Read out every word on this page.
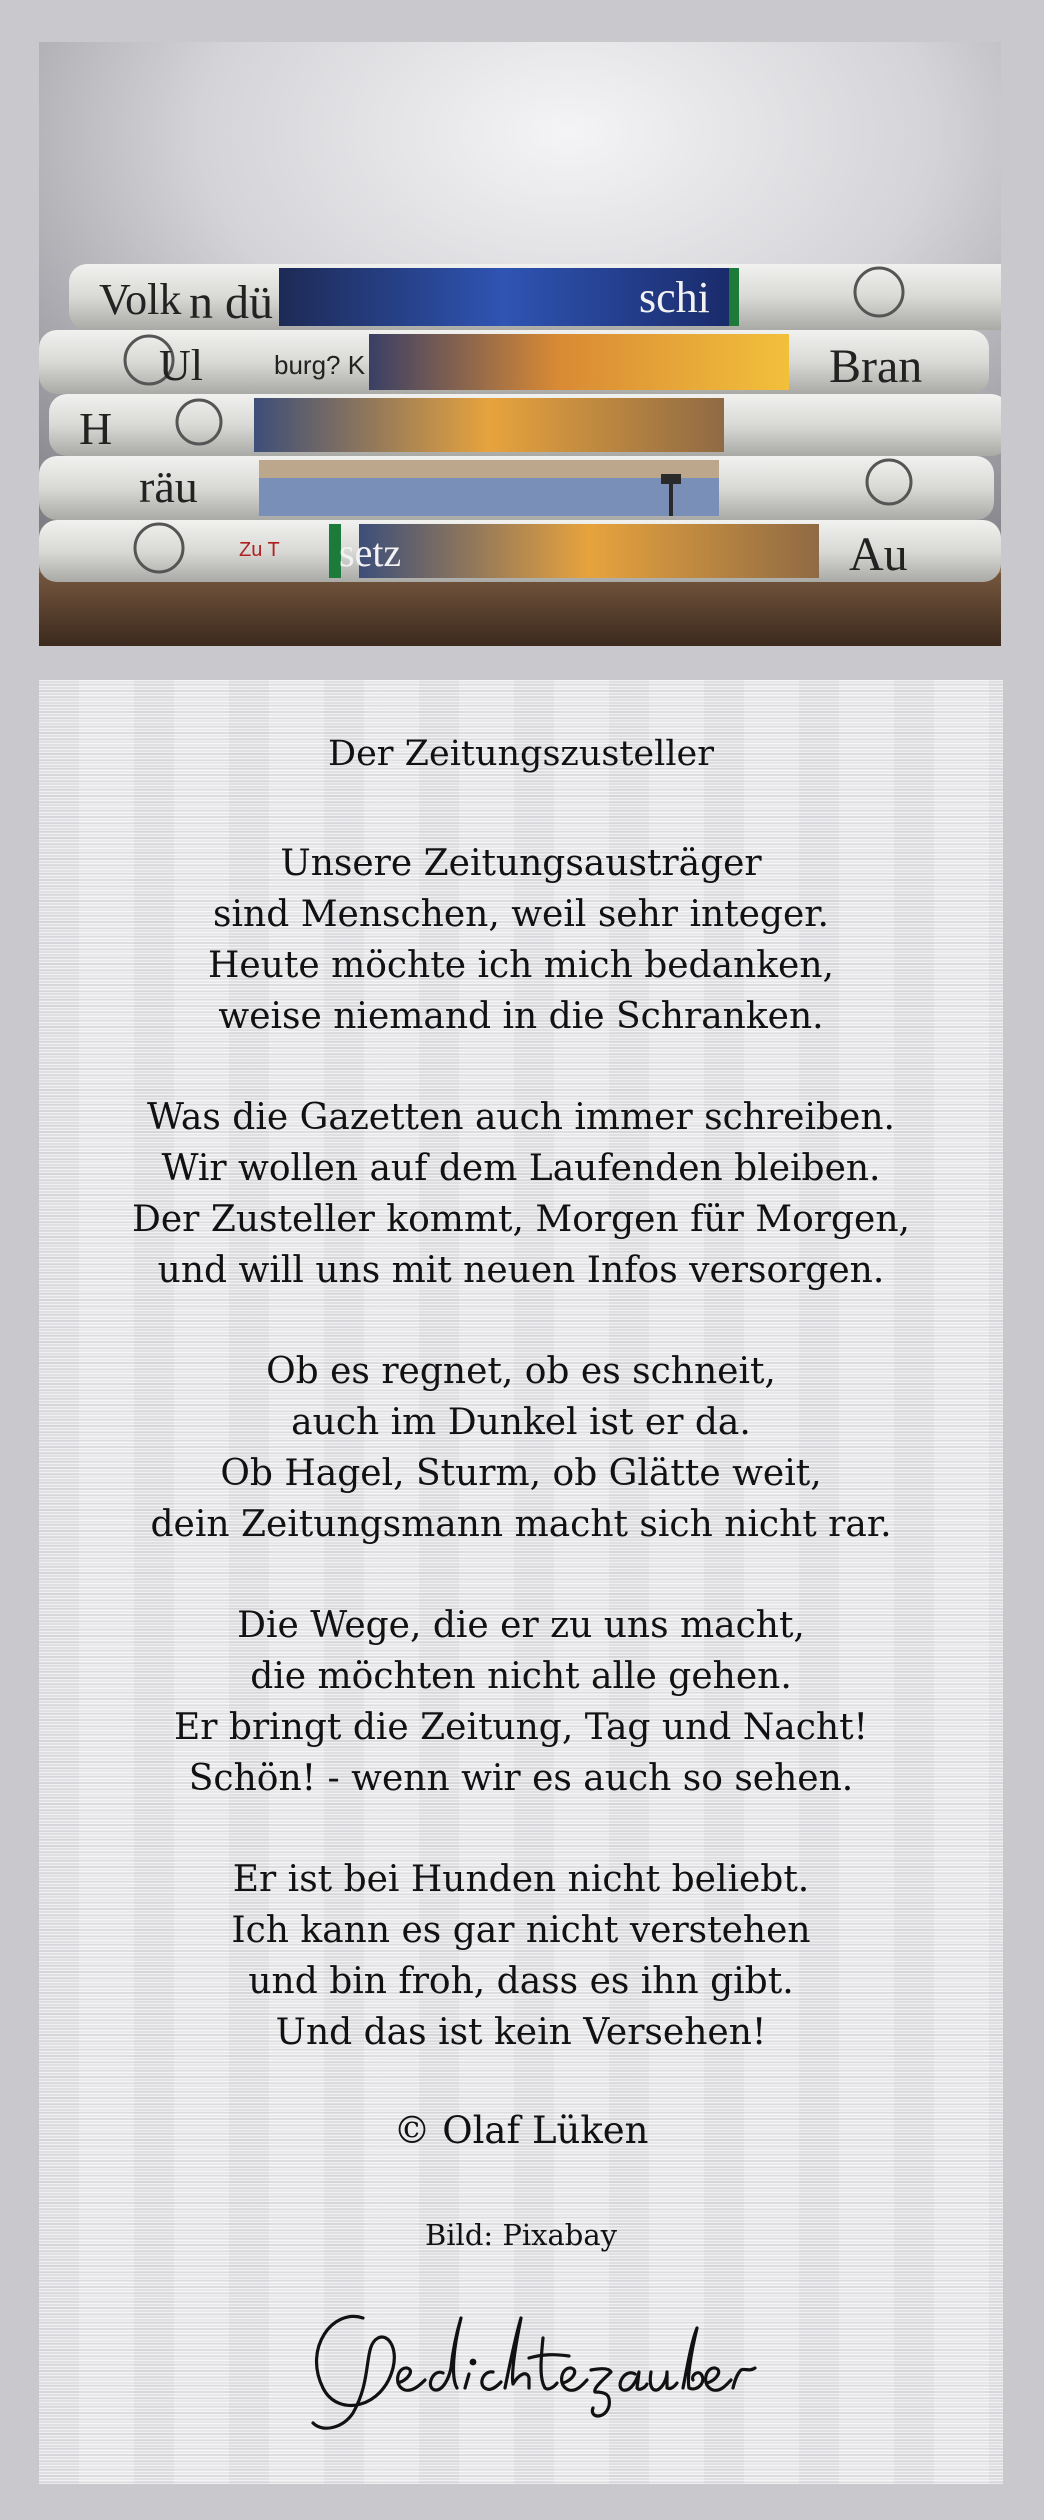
Volk n dü	schi
Ul	burg? K	Bran
H
räu
Zu T setz	Au
Der Zeitungszusteller
Unsere Zeitungsausträger
sind Menschen, weil sehr integer.
Heute möchte ich mich bedanken,
weise niemand in die Schranken.
Was die Gazetten auch immer schreiben.
Wir wollen auf dem Laufenden bleiben.
Der Zusteller kommt, Morgen für Morgen,
und will uns mit neuen Infos versorgen.
Ob es regnet, ob es schneit,
auch im Dunkel ist er da.
Ob Hagel, Sturm, ob Glätte weit,
dein Zeitungsmann macht sich nicht rar.
Die Wege, die er zu uns macht,
die möchten nicht alle gehen.
Er bringt die Zeitung, Tag und Nacht!
Schön! - wenn wir es auch so sehen.
Er ist bei Hunden nicht beliebt.
Ich kann es gar nicht verstehen
und bin froh, dass es ihn gibt.
Und das ist kein Versehen!
© Olaf Lüken
Bild: Pixabay
